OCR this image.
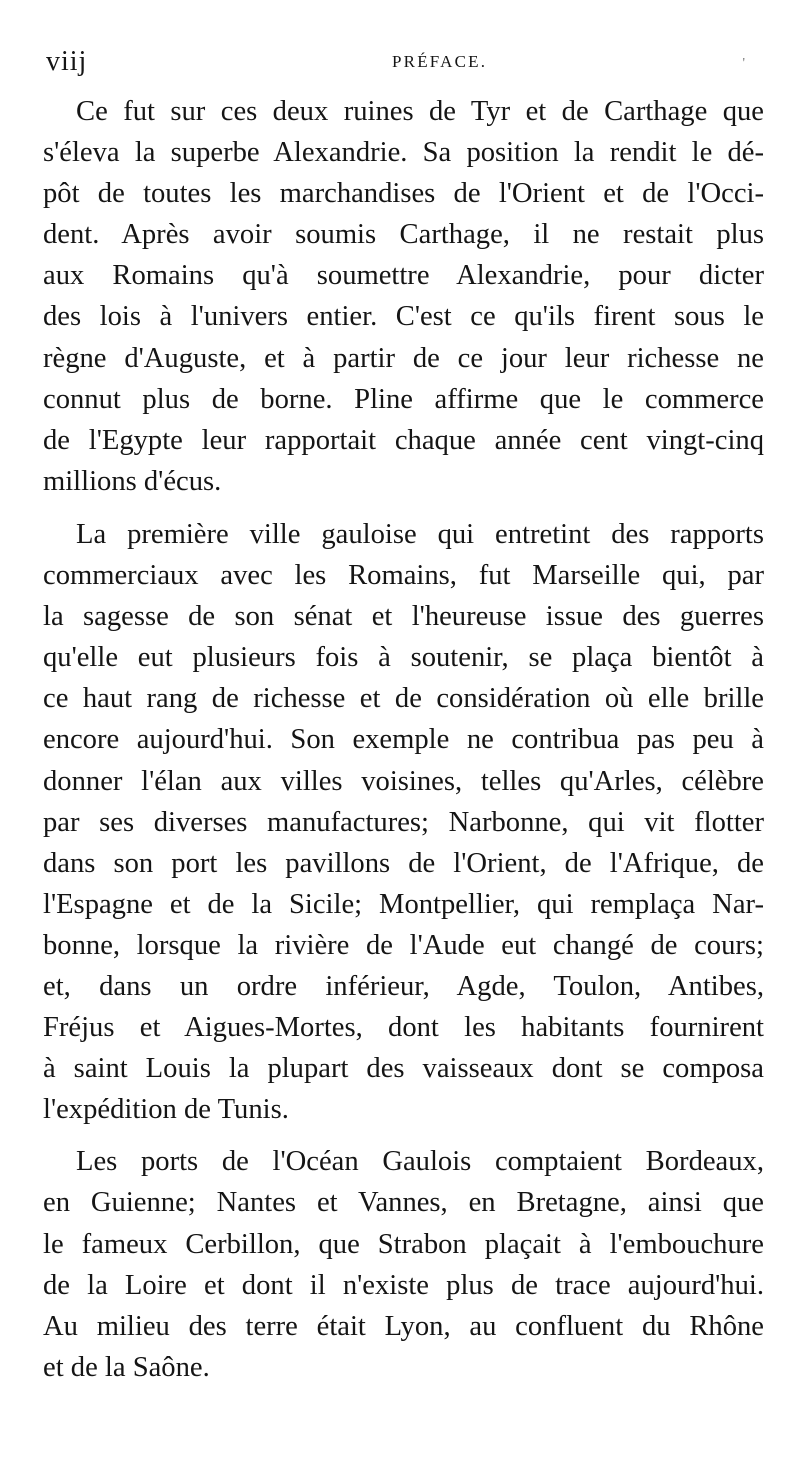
viij	PRÉFACE.	'

Ce fut sur ces deux ruines de Tyr et de Carthage que
s'éleva la superbe Alexandrie. Sa position la rendit le dé-
pôt de toutes les marchandises de l'Orient et de l'Occi-
dent. Après avoir soumis Carthage, il ne restait plus
aux Romains qu'à soumettre Alexandrie, pour dicter
des lois à l'univers entier. C'est ce qu'ils firent sous le
règne d'Auguste, et à partir de ce jour leur richesse ne
connut plus de borne. Pline affirme que le commerce
de l'Egypte leur rapportait chaque année cent vingt-cinq
millions d'écus.

La première ville gauloise qui entretint des rapports
commerciaux avec les Romains, fut Marseille qui, par
la sagesse de son sénat et l'heureuse issue des guerres
qu'elle eut plusieurs fois à soutenir, se plaça bientôt à
ce haut rang de richesse et de considération où elle brille
encore aujourd'hui. Son exemple ne contribua pas peu à
donner l'élan aux villes voisines, telles qu'Arles, célèbre
par ses diverses manufactures; Narbonne, qui vit flotter
dans son port les pavillons de l'Orient, de l'Afrique, de
l'Espagne et de la Sicile; Montpellier, qui remplaça Nar-
bonne, lorsque la rivière de l'Aude eut changé de cours;
et, dans un ordre inférieur, Agde, Toulon, Antibes,
Fréjus et Aigues-Mortes, dont les habitants fournirent
à saint Louis la plupart des vaisseaux dont se composa
l'expédition de Tunis.

Les ports de l'Océan Gaulois comptaient Bordeaux,
en Guienne; Nantes et Vannes, en Bretagne, ainsi que
le fameux Cerbillon, que Strabon plaçait à l'embouchure
de la Loire et dont il n'existe plus de trace aujourd'hui.
Au milieu des terre était Lyon, au confluent du Rhône
et de la Saône.
